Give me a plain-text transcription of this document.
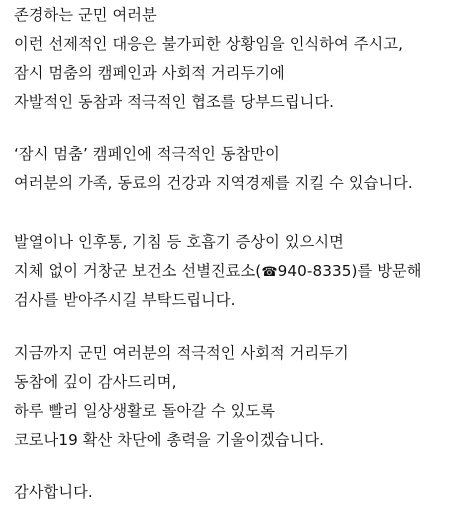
존경하는 군민 여러분
이런 선제적인 대응은 불가피한 상황임을 인식하여 주시고,
잠시 멈춤의 캠페인과 사회적 거리두기에
자발적인 동참과 적극적인 협조를 당부드립니다.
‘잠시 멈춤’ 캠페인에 적극적인 동참만이
여러분의 가족, 동료의 건강과 지역경제를 지킬 수 있습니다.
발열이나 인후통, 기침 등 호흡기 증상이 있으시면
지체 없이 거창군 보건소 선별진료소(☎940-8335)를 방문해
검사를 받아주시길 부탁드립니다.
지금까지 군민 여러분의 적극적인 사회적 거리두기
동참에 깊이 감사드리며,
하루 빨리 일상생활로 돌아갈 수 있도록
코로나19 확산 차단에 총력을 기울이겠습니다.
감사합니다.
